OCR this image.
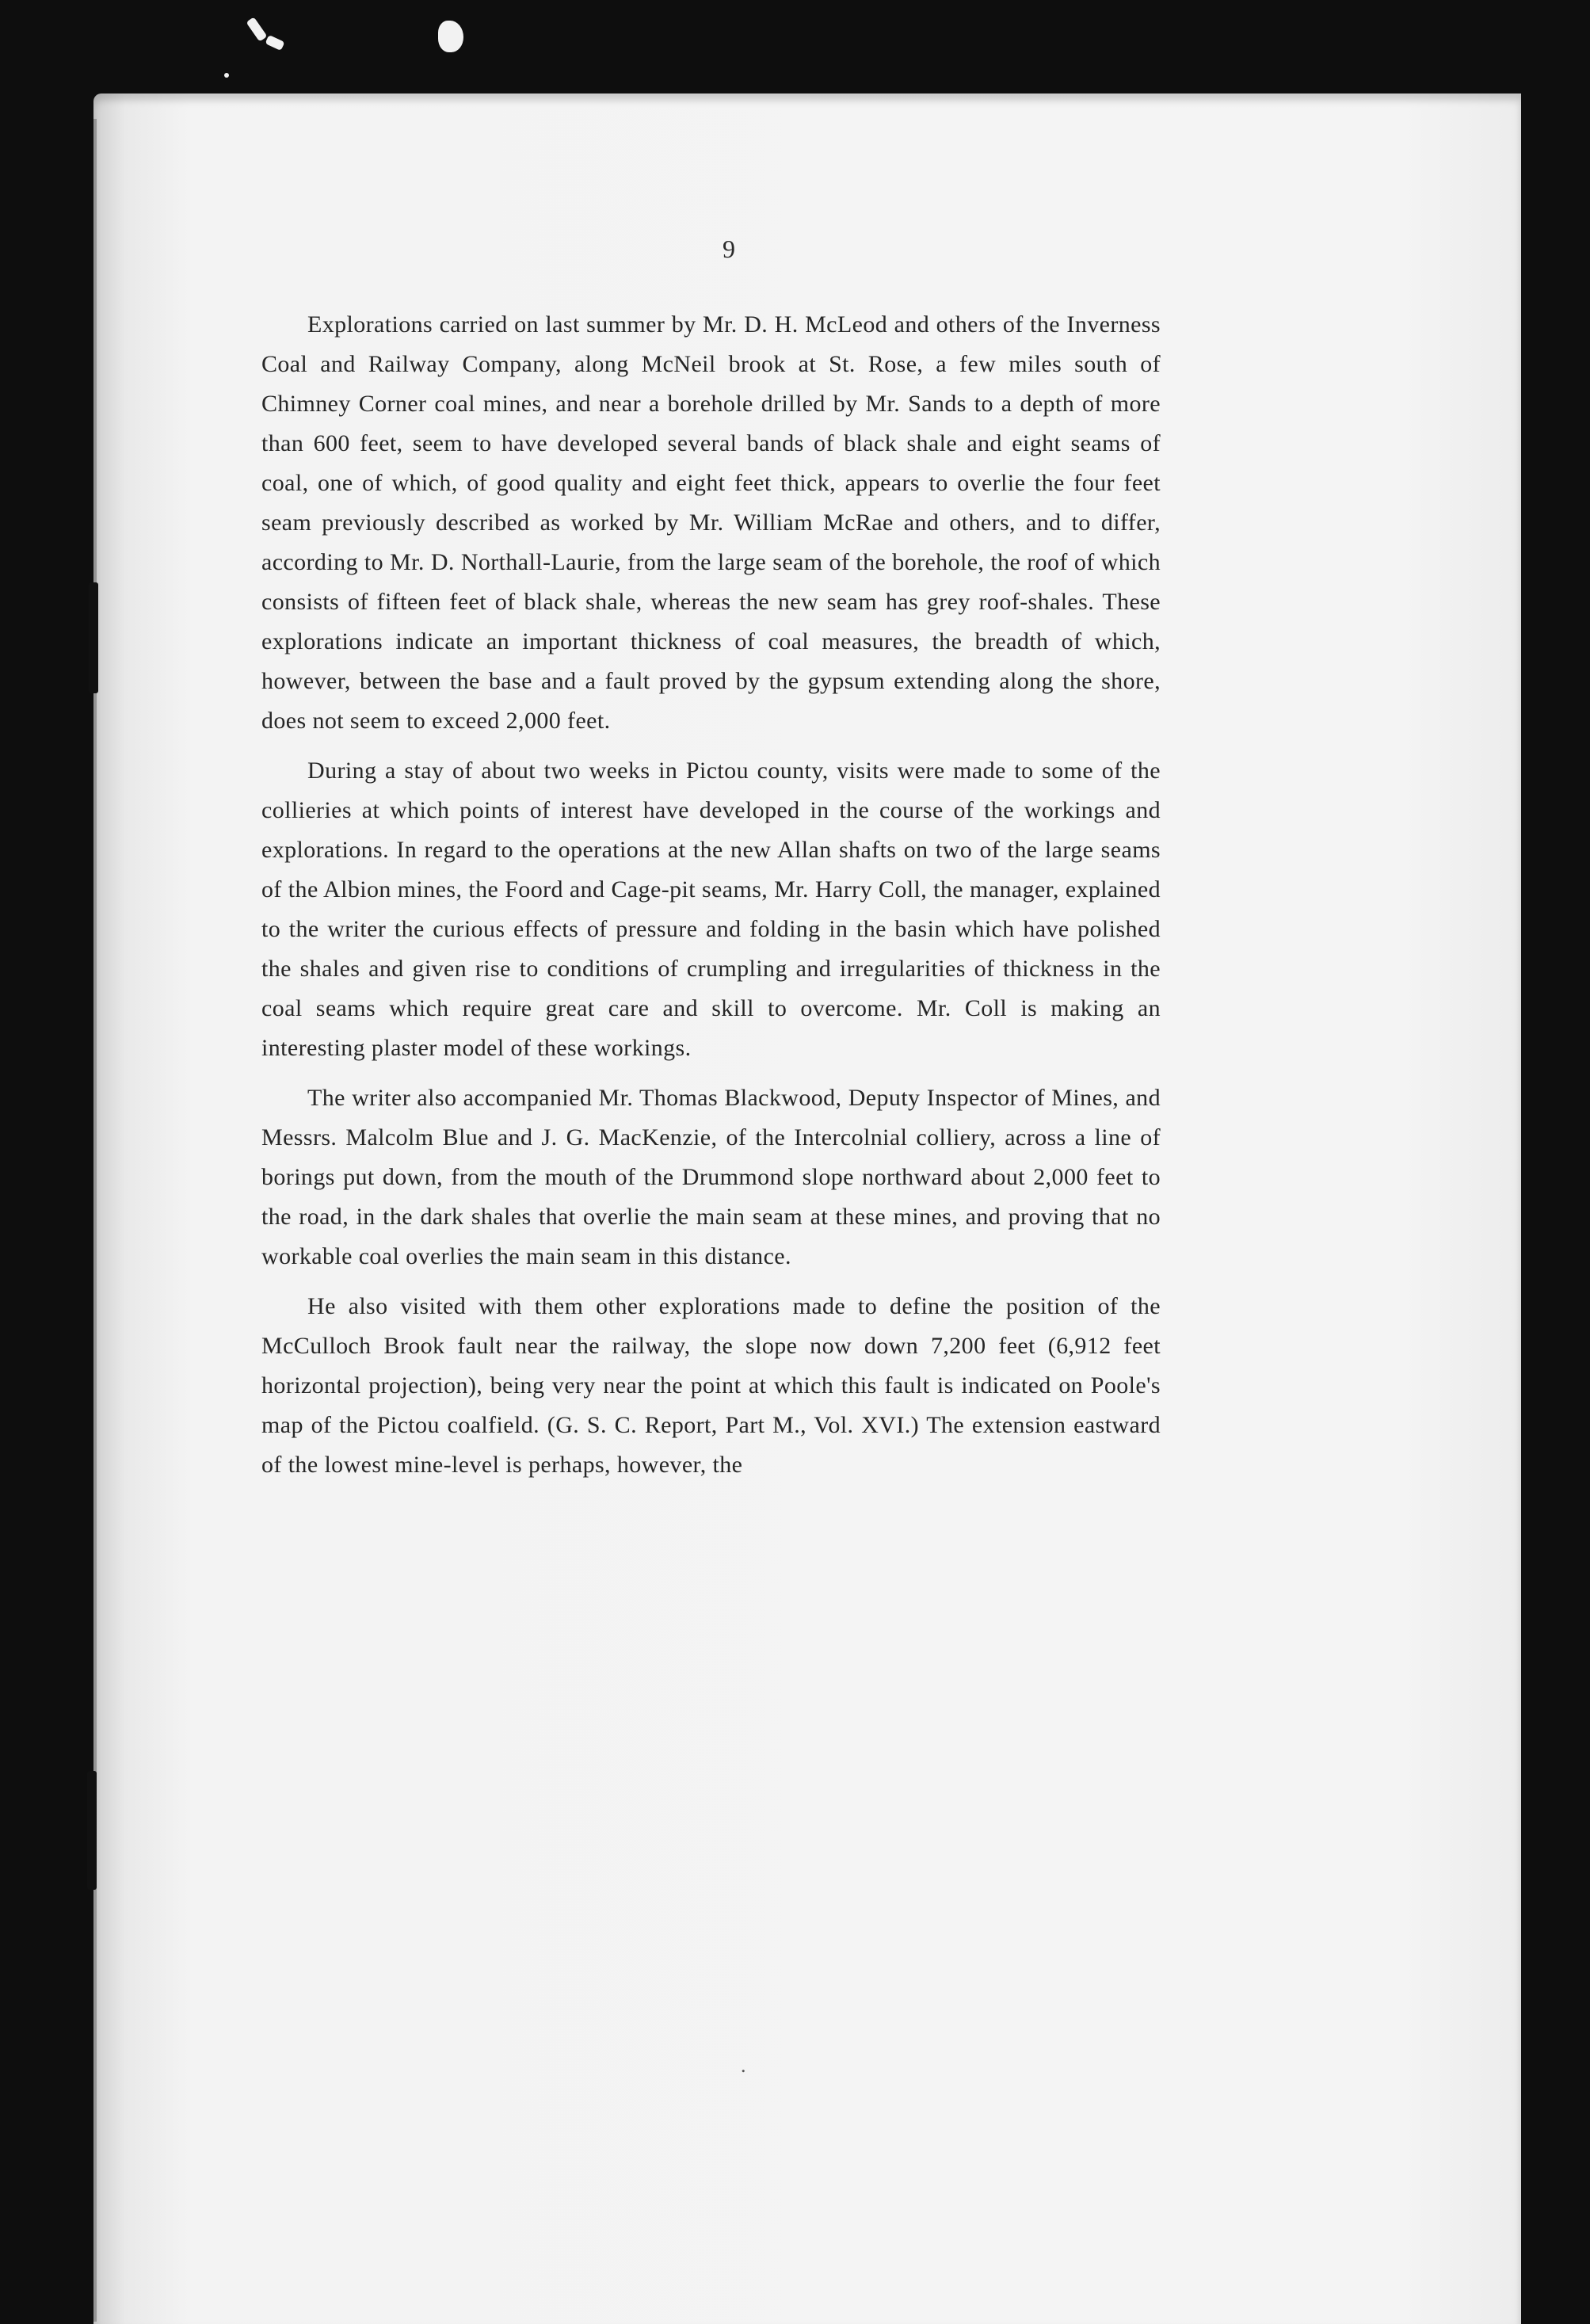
9

Explorations carried on last summer by Mr. D. H. McLeod and others of the Inverness Coal and Railway Company, along McNeil brook at St. Rose, a few miles south of Chimney Corner coal mines, and near a borehole drilled by Mr. Sands to a depth of more than 600 feet, seem to have developed several bands of black shale and eight seams of coal, one of which, of good quality and eight feet thick, appears to overlie the four feet seam previously described as worked by Mr. William McRae and others, and to differ, according to Mr. D. Northall-Laurie, from the large seam of the borehole, the roof of which consists of fifteen feet of black shale, whereas the new seam has grey roof-shales. These explorations indicate an important thickness of coal measures, the breadth of which, however, between the base and a fault proved by the gypsum extending along the shore, does not seem to exceed 2,000 feet.

During a stay of about two weeks in Pictou county, visits were made to some of the collieries at which points of interest have developed in the course of the workings and explorations. In regard to the operations at the new Allan shafts on two of the large seams of the Albion mines, the Foord and Cage-pit seams, Mr. Harry Coll, the manager, explained to the writer the curious effects of pressure and folding in the basin which have polished the shales and given rise to conditions of crumpling and irregularities of thickness in the coal seams which require great care and skill to overcome. Mr. Coll is making an interesting plaster model of these workings.

The writer also accompanied Mr. Thomas Blackwood, Deputy Inspector of Mines, and Messrs. Malcolm Blue and J. G. MacKenzie, of the Intercolnial colliery, across a line of borings put down, from the mouth of the Drummond slope northward about 2,000 feet to the road, in the dark shales that overlie the main seam at these mines, and proving that no workable coal overlies the main seam in this distance.

He also visited with them other explorations made to define the position of the McCulloch Brook fault near the railway, the slope now down 7,200 feet (6,912 feet horizontal projection), being very near the point at which this fault is indicated on Poole's map of the Pictou coalfield. (G. S. C. Report, Part M., Vol. XVI.) The extension eastward of the lowest mine-level is perhaps, however, the

.
